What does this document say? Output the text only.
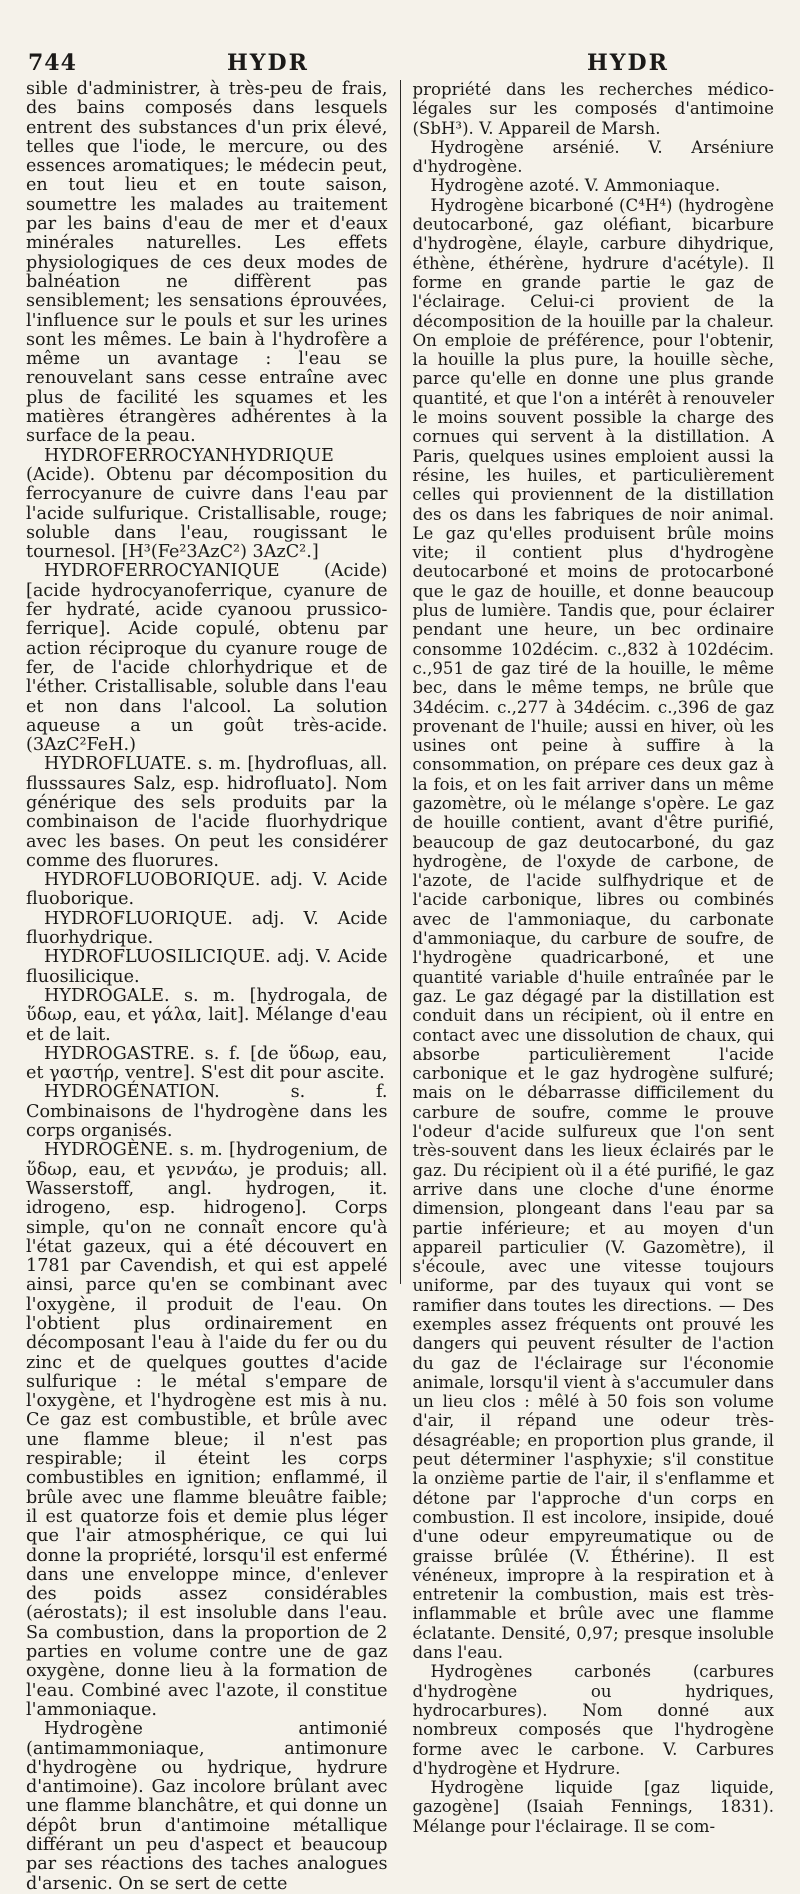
744	HYDR	HYDR

sible d'administrer, à très-peu de frais, des bains composés dans lesquels entrent des substances d'un prix élevé, telles que l'iode, le mercure, ou des essences aromatiques; le médecin peut, en tout lieu et en toute saison, soumettre les malades au traitement par les bains d'eau de mer et d'eaux minérales naturelles. Les effets physiologiques de ces deux modes de balnéation ne diffèrent pas sensiblement; les sensations éprouvées, l'influence sur le pouls et sur les urines sont les mêmes. Le bain à l'hydrofère a même un avantage : l'eau se renouvelant sans cesse entraîne avec plus de facilité les squames et les matières étrangères adhérentes à la surface de la peau.

HYDROFERROCYANHYDRIQUE (Acide). Obtenu par décomposition du ferrocyanure de cuivre dans l'eau par l'acide sulfurique. Cristallisable, rouge; soluble dans l'eau, rougissant le tournesol. [H³(Fe²3AzC²) 3AzC².]

HYDROFERROCYANIQUE (Acide) [acide hydrocyanoferrique, cyanure de fer hydraté, acide cyanoou prussico-ferrique]. Acide copulé, obtenu par action réciproque du cyanure rouge de fer, de l'acide chlorhydrique et de l'éther. Cristallisable, soluble dans l'eau et non dans l'alcool. La solution aqueuse a un goût très-acide. (3AzC²FeH.)

HYDROFLUATE. s. m. [hydrofluas, all. flusssaures Salz, esp. hidrofluato]. Nom générique des sels produits par la combinaison de l'acide fluorhydrique avec les bases. On peut les considérer comme des fluorures.

HYDROFLUOBORIQUE. adj. V. Acide fluoborique.

HYDROFLUORIQUE. adj. V. Acide fluorhydrique.

HYDROFLUOSILICIQUE. adj. V. Acide fluosilicique.

HYDROGALE. s. m. [hydrogala, de ὕδωρ, eau, et γάλα, lait]. Mélange d'eau et de lait.

HYDROGASTRE. s. f. [de ὕδωρ, eau, et γαστήρ, ventre]. S'est dit pour ascite.

HYDROGÉNATION. s. f. Combinaisons de l'hydrogène dans les corps organisés.

HYDROGÈNE. s. m. [hydrogenium, de ὕδωρ, eau, et γεννάω, je produis; all. Wasserstoff, angl. hydrogen, it. idrogeno, esp. hidrogeno]. Corps simple, qu'on ne connaît encore qu'à l'état gazeux, qui a été découvert en 1781 par Cavendish, et qui est appelé ainsi, parce qu'en se combinant avec l'oxygène, il produit de l'eau. On l'obtient plus ordinairement en décomposant l'eau à l'aide du fer ou du zinc et de quelques gouttes d'acide sulfurique : le métal s'empare de l'oxygène, et l'hydrogène est mis à nu. Ce gaz est combustible, et brûle avec une flamme bleue; il n'est pas respirable; il éteint les corps combustibles en ignition; enflammé, il brûle avec une flamme bleuâtre faible; il est quatorze fois et demie plus léger que l'air atmosphérique, ce qui lui donne la propriété, lorsqu'il est enfermé dans une enveloppe mince, d'enlever des poids assez considérables (aérostats); il est insoluble dans l'eau. Sa combustion, dans la proportion de 2 parties en volume contre une de gaz oxygène, donne lieu à la formation de l'eau. Combiné avec l'azote, il constitue l'ammoniaque.

Hydrogène antimonié (antimammoniaque, antimonure d'hydrogène ou hydrique, hydrure d'antimoine). Gaz incolore brûlant avec une flamme blanchâtre, et qui donne un dépôt brun d'antimoine métallique différant un peu d'aspect et beaucoup par ses réactions des taches analogues d'arsenic. On se sert de cette

propriété dans les recherches médico-légales sur les composés d'antimoine (SbH³). V. Appareil de Marsh.

Hydrogène arsénié. V. Arséniure d'hydrogène.

Hydrogène azoté. V. Ammoniaque.

Hydrogène bicarboné (C⁴H⁴) (hydrogène deutocarboné, gaz oléfiant, bicarbure d'hydrogène, élayle, carbure dihydrique, éthène, éthérène, hydrure d'acétyle). Il forme en grande partie le gaz de l'éclairage. Celui-ci provient de la décomposition de la houille par la chaleur. On emploie de préférence, pour l'obtenir, la houille la plus pure, la houille sèche, parce qu'elle en donne une plus grande quantité, et que l'on a intérêt à renouveler le moins souvent possible la charge des cornues qui servent à la distillation. A Paris, quelques usines emploient aussi la résine, les huiles, et particulièrement celles qui proviennent de la distillation des os dans les fabriques de noir animal. Le gaz qu'elles produisent brûle moins vite; il contient plus d'hydrogène deutocarboné et moins de protocarboné que le gaz de houille, et donne beaucoup plus de lumière. Tandis que, pour éclairer pendant une heure, un bec ordinaire consomme 102décim. c.,832 à 102décim. c.,951 de gaz tiré de la houille, le même bec, dans le même temps, ne brûle que 34décim. c.,277 à 34décim. c.,396 de gaz provenant de l'huile; aussi en hiver, où les usines ont peine à suffire à la consommation, on prépare ces deux gaz à la fois, et on les fait arriver dans un même gazomètre, où le mélange s'opère. Le gaz de houille contient, avant d'être purifié, beaucoup de gaz deutocarboné, du gaz hydrogène, de l'oxyde de carbone, de l'azote, de l'acide sulfhydrique et de l'acide carbonique, libres ou combinés avec de l'ammoniaque, du carbonate d'ammoniaque, du carbure de soufre, de l'hydrogène quadricarboné, et une quantité variable d'huile entraînée par le gaz. Le gaz dégagé par la distillation est conduit dans un récipient, où il entre en contact avec une dissolution de chaux, qui absorbe particulièrement l'acide carbonique et le gaz hydrogène sulfuré; mais on le débarrasse difficilement du carbure de soufre, comme le prouve l'odeur d'acide sulfureux que l'on sent très-souvent dans les lieux éclairés par le gaz. Du récipient où il a été purifié, le gaz arrive dans une cloche d'une énorme dimension, plongeant dans l'eau par sa partie inférieure; et au moyen d'un appareil particulier (V. Gazomètre), il s'écoule, avec une vitesse toujours uniforme, par des tuyaux qui vont se ramifier dans toutes les directions. — Des exemples assez fréquents ont prouvé les dangers qui peuvent résulter de l'action du gaz de l'éclairage sur l'économie animale, lorsqu'il vient à s'accumuler dans un lieu clos : mêlé à 50 fois son volume d'air, il répand une odeur très-désagréable; en proportion plus grande, il peut déterminer l'asphyxie; s'il constitue la onzième partie de l'air, il s'enflamme et détone par l'approche d'un corps en combustion. Il est incolore, insipide, doué d'une odeur empyreumatique ou de graisse brûlée (V. Éthérine). Il est vénéneux, impropre à la respiration et à entretenir la combustion, mais est très-inflammable et brûle avec une flamme éclatante. Densité, 0,97; presque insoluble dans l'eau.

Hydrogènes carbonés (carbures d'hydrogène ou hydriques, hydrocarbures). Nom donné aux nombreux composés que l'hydrogène forme avec le carbone. V. Carbures d'hydrogène et Hydrure.

Hydrogène liquide [gaz liquide, gazogène] (Isaiah Fennings, 1831). Mélange pour l'éclairage. Il se com-
